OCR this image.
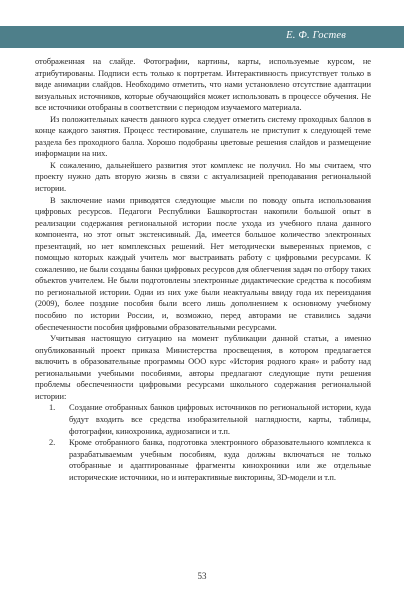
Е. Ф. Гостев

отображенная на слайде. Фотографии, картины, карты, используемые курсом, не атрибутированы. Подписи есть только к портретам. Интерактивность присутствует только в виде анимации слайдов. Необходимо отметить, что нами установлено отсутствие адаптации визуальных источников, которые обучающийся может использовать в процессе обучения. Не все источники отобраны в соответствии с периодом изучаемого материала.

Из положительных качеств данного курса следует отметить систему проходных баллов в конце каждого занятия. Процесс тестирование, слушатель не приступит к следующей теме раздела без проходного балла. Хорошо подобраны цветовые решения слайдов и размещение информации на них.

К сожалению, дальнейшего развития этот комплекс не получил. Но мы считаем, что проекту нужно дать вторую жизнь в связи с актуализацией преподавания региональной истории.

В заключение нами приводятся следующие мысли по поводу опыта использования цифровых ресурсов. Педагоги Республики Башкортостан накопили большой опыт в реализации содержания региональной истории после ухода из учебного плана данного компонента, но этот опыт экстенсивный. Да, имеется большое количество электронных презентаций, но нет комплексных решений. Нет методически выверенных приемов, с помощью которых каждый учитель мог выстраивать работу с цифровыми ресурсами. К сожалению, не были созданы банки цифровых ресурсов для облегчения задач по отбору таких объектов учителем. Не были подготовлены электронные дидактические средства к пособиям по региональной истории. Одни из них уже были неактуальны ввиду года их переиздания (2009), более поздние пособия были всего лишь дополнением к основному учебному пособию по истории России, и, возможно, перед авторами не ставились задачи обеспеченности пособия цифровыми образовательными ресурсами.

Учитывая настоящую ситуацию на момент публикации данной статьи, а именно опубликованный проект приказа Министерства просвещения, в котором предлагается включить в образовательные программы ООО курс «История родного края» и работу над региональными учебными пособиями, авторы предлагают следующие пути решения проблемы обеспеченности цифровыми ресурсами школьного содержания региональной истории:

1. Создание отобранных банков цифровых источников по региональной истории, куда будут входить все средства изобразительной наглядности, карты, таблицы, фотографии, кинохроника, аудиозаписи и т.п.
2. Кроме отобранного банка, подготовка электронного образовательного комплекса к разрабатываемым учебным пособиям, куда должны включаться не только отобранные и адаптированные фрагменты кинохроники или же отдельные исторические источники, но и интерактивные викторины, 3D-модели и т.п.
53
